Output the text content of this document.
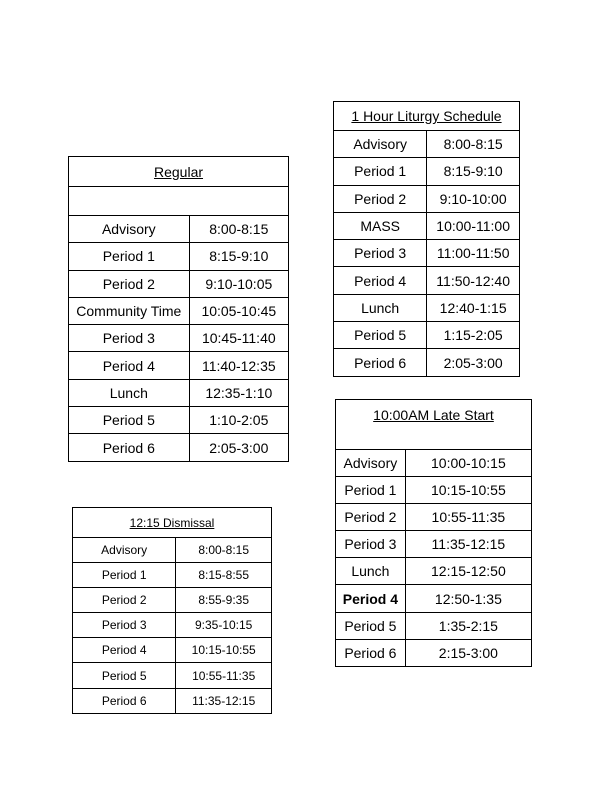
Regular	

Advisory	8:00-8:15
Period 1	8:15-9:10
Period 2	9:10-10:05
Community Time	10:05-10:45
Period 3	10:45-11:40
Period 4	11:40-12:35
Lunch	12:35-1:10
Period 5	1:10-2:05
Period 6	2:05-3:00
1 Hour Liturgy Schedule	
Advisory	8:00-8:15
Period 1	8:15-9:10
Period 2	9:10-10:00
MASS	10:00-11:00
Period 3	11:00-11:50
Period 4	11:50-12:40
Lunch	12:40-1:15
Period 5	1:15-2:05
Period 6	2:05-3:00
10:00AM Late Start	
Advisory	10:00-10:15
Period 1	10:15-10:55
Period 2	10:55-11:35
Period 3	11:35-12:15
Lunch	12:15-12:50
Period 4	12:50-1:35
Period 5	1:35-2:15
Period 6	2:15-3:00
12:15 Dismissal	
Advisory	8:00-8:15
Period 1	8:15-8:55
Period 2	8:55-9:35
Period 3	9:35-10:15
Period 4	10:15-10:55
Period 5	10:55-11:35
Period 6	11:35-12:15
